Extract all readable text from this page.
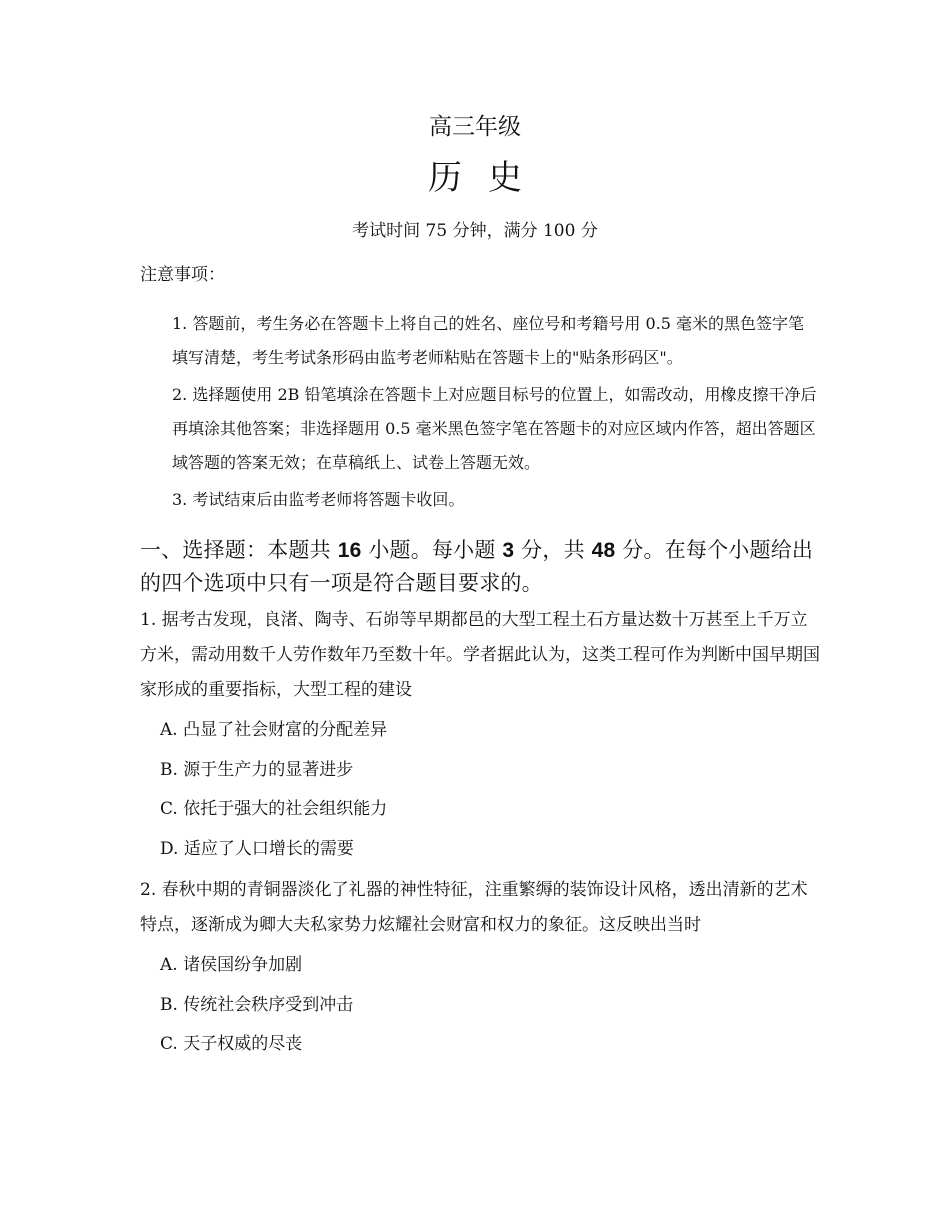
高三年级
历史
考试时间 75 分钟，满分 100 分
注意事项：
1. 答题前，考生务必在答题卡上将自己的姓名、座位号和考籍号用 0.5 毫米的黑色签字笔填写清楚，考生考试条形码由监考老师粘贴在答题卡上的"贴条形码区"。
2. 选择题使用 2B 铅笔填涂在答题卡上对应题目标号的位置上，如需改动，用橡皮擦干净后再填涂其他答案；非选择题用 0.5 毫米黑色签字笔在答题卡的对应区域内作答，超出答题区域答题的答案无效；在草稿纸上、试卷上答题无效。
3. 考试结束后由监考老师将答题卡收回。
一、选择题：本题共 16 小题。每小题 3 分，共 48 分。在每个小题给出的四个选项中只有一项是符合题目要求的。

1. 据考古发现，良渚、陶寺、石峁等早期都邑的大型工程土石方量达数十万甚至上千万立方米，需动用数千人劳作数年乃至数十年。学者据此认为，这类工程可作为判断中国早期国家形成的重要指标，大型工程的建设

A. 凸显了社会财富的分配差异
B. 源于生产力的显著进步
C. 依托于强大的社会组织能力
D. 适应了人口增长的需要

2. 春秋中期的青铜器淡化了礼器的神性特征，注重繁缛的装饰设计风格，透出清新的艺术特点，逐渐成为卿大夫私家势力炫耀社会财富和权力的象征。这反映出当时

A. 诸侯国纷争加剧
B. 传统社会秩序受到冲击
C. 天子权威的尽丧
